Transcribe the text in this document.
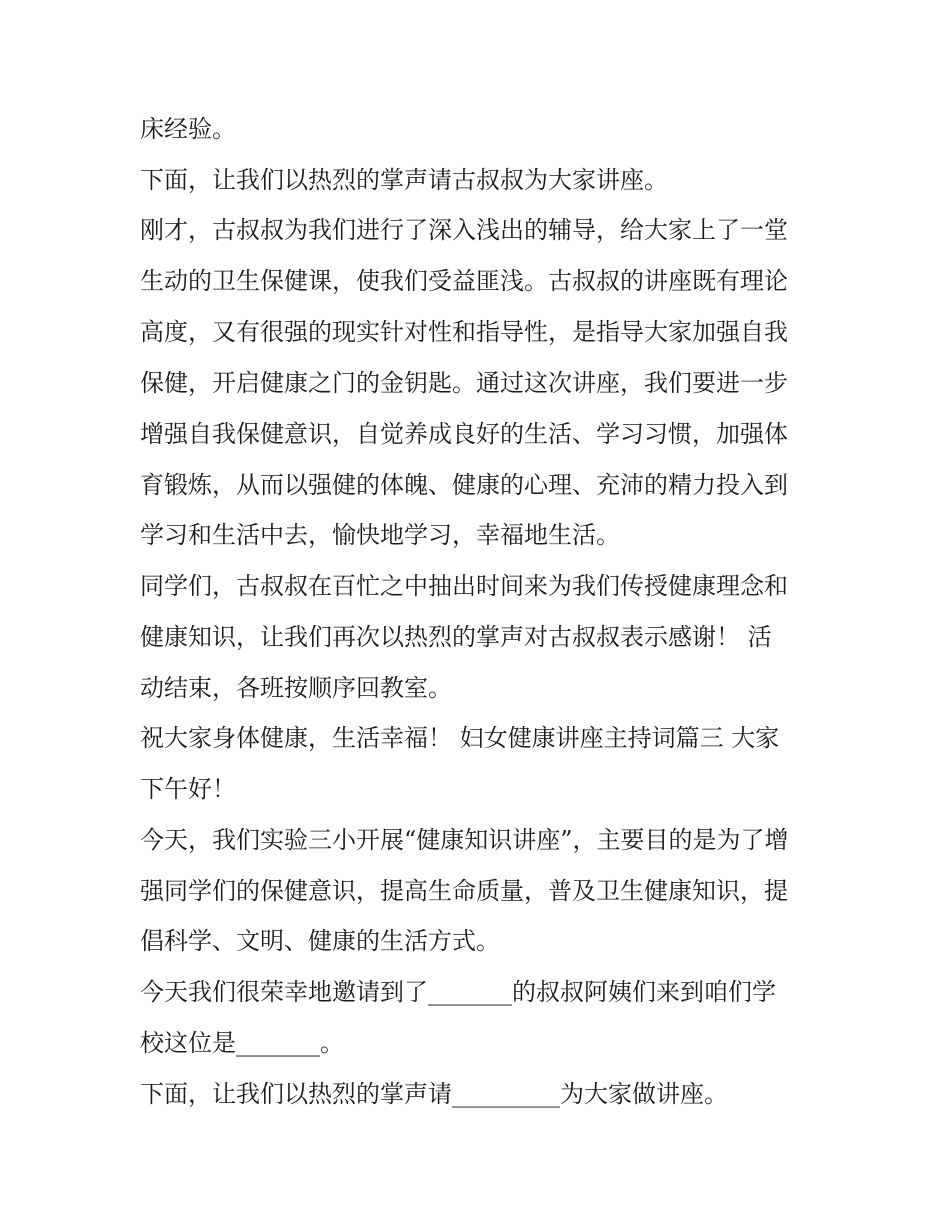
床经验。
下面，让我们以热烈的掌声请古叔叔为大家讲座。
刚才，古叔叔为我们进行了深入浅出的辅导，给大家上了一堂
生动的卫生保健课，使我们受益匪浅。古叔叔的讲座既有理论
高度，又有很强的现实针对性和指导性，是指导大家加强自我
保健，开启健康之门的金钥匙。通过这次讲座，我们要进一步
增强自我保健意识，自觉养成良好的生活、学习习惯，加强体
育锻炼，从而以强健的体魄、健康的心理、充沛的精力投入到
学习和生活中去，愉快地学习，幸福地生活。
同学们，古叔叔在百忙之中抽出时间来为我们传授健康理念和
健康知识，让我们再次以热烈的掌声对古叔叔表示感谢！ 活
动结束，各班按顺序回教室。
祝大家身体健康，生活幸福！ 妇女健康讲座主持词篇三 大家
下午好！
今天，我们实验三小开展“健康知识讲座”，主要目的是为了增
强同学们的保健意识，提高生命质量，普及卫生健康知识，提
倡科学、文明、健康的生活方式。
今天我们很荣幸地邀请到了_______的叔叔阿姨们来到咱们学
校这位是_______。
下面，让我们以热烈的掌声请_________为大家做讲座。
